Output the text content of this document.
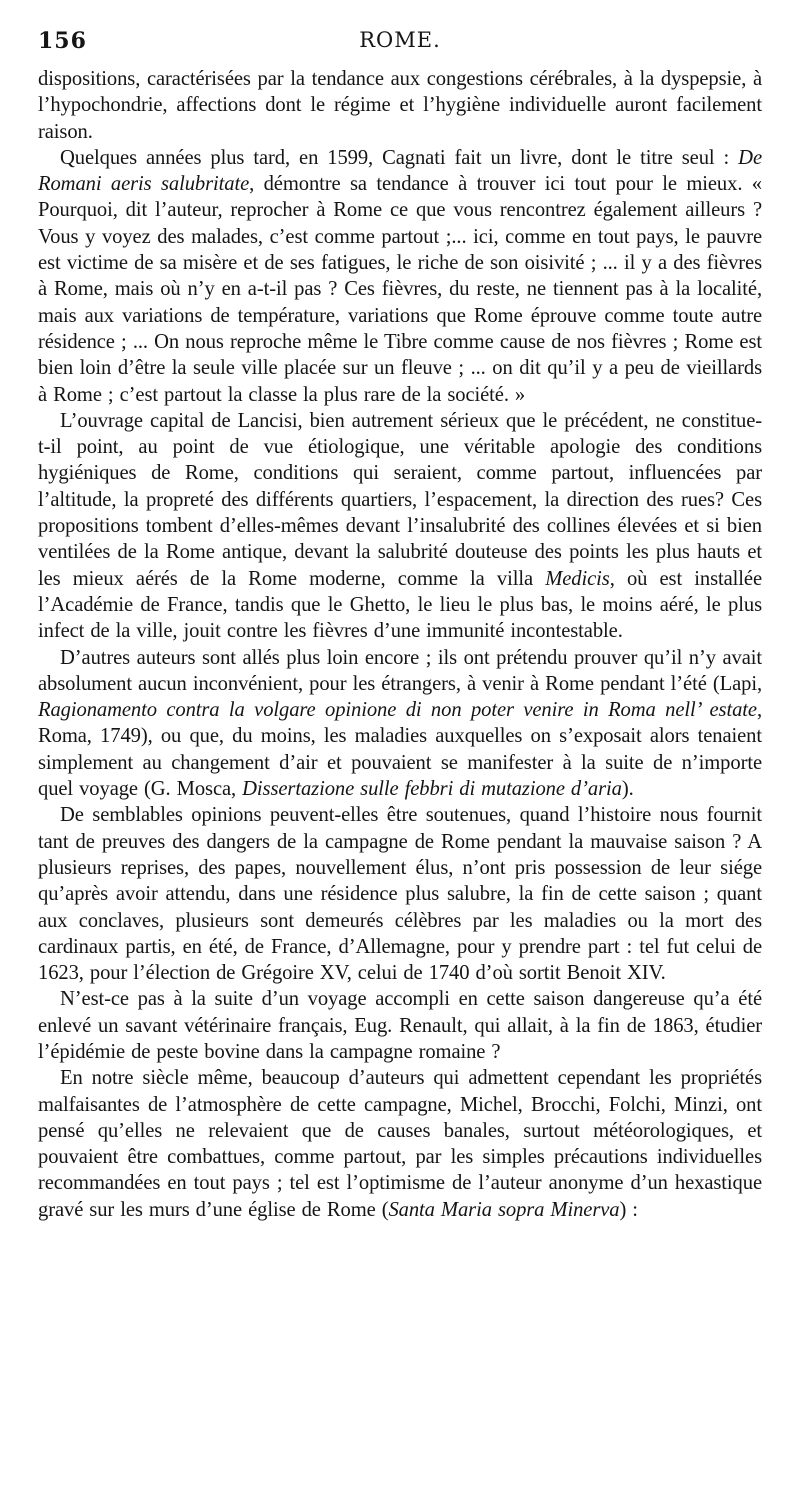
156	ROME.

dispositions, caractérisées par la tendance aux congestions cérébrales, à la dyspepsie, à l’hypochondrie, affections dont le régime et l’hygiène individuelle auront facilement raison.

Quelques années plus tard, en 1599, Cagnati fait un livre, dont le titre seul : De Romani aeris salubritate, démontre sa tendance à trouver ici tout pour le mieux. « Pourquoi, dit l’auteur, reprocher à Rome ce que vous rencontrez également ailleurs ? Vous y voyez des malades, c’est comme partout ;... ici, comme en tout pays, le pauvre est victime de sa misère et de ses fatigues, le riche de son oisivité ; ... il y a des fièvres à Rome, mais où n’y en a-t-il pas ? Ces fièvres, du reste, ne tiennent pas à la localité, mais aux variations de température, variations que Rome éprouve comme toute autre résidence ; ... On nous reproche même le Tibre comme cause de nos fièvres ; Rome est bien loin d’être la seule ville placée sur un fleuve ; ... on dit qu’il y a peu de vieillards à Rome ; c’est partout la classe la plus rare de la société. »

L’ouvrage capital de Lancisi, bien autrement sérieux que le précédent, ne constitue-t-il point, au point de vue étiologique, une véritable apologie des conditions hygiéniques de Rome, conditions qui seraient, comme partout, influencées par l’altitude, la propreté des différents quartiers, l’espacement, la direction des rues? Ces propositions tombent d’elles-mêmes devant l’insalubrité des collines élevées et si bien ventilées de la Rome antique, devant la salubrité douteuse des points les plus hauts et les mieux aérés de la Rome moderne, comme la villa Medicis, où est installée l’Académie de France, tandis que le Ghetto, le lieu le plus bas, le moins aéré, le plus infect de la ville, jouit contre les fièvres d’une immunité incontestable.

D’autres auteurs sont allés plus loin encore ; ils ont prétendu prouver qu’il n’y avait absolument aucun inconvénient, pour les étrangers, à venir à Rome pendant l’été (Lapi, Ragionamento contra la volgare opinione di non poter venire in Roma nell’ estate, Roma, 1749), ou que, du moins, les maladies auxquelles on s’exposait alors tenaient simplement au changement d’air et pouvaient se manifester à la suite de n’importe quel voyage (G. Mosca, Dissertazione sulle febbri di mutazione d’aria).

De semblables opinions peuvent-elles être soutenues, quand l’histoire nous fournit tant de preuves des dangers de la campagne de Rome pendant la mauvaise saison ? A plusieurs reprises, des papes, nouvellement élus, n’ont pris possession de leur siége qu’après avoir attendu, dans une résidence plus salubre, la fin de cette saison ; quant aux conclaves, plusieurs sont demeurés célèbres par les maladies ou la mort des cardinaux partis, en été, de France, d’Allemagne, pour y prendre part : tel fut celui de 1623, pour l’élection de Grégoire XV, celui de 1740 d’où sortit Benoit XIV.

N’est-ce pas à la suite d’un voyage accompli en cette saison dangereuse qu’a été enlevé un savant vétérinaire français, Eug. Renault, qui allait, à la fin de 1863, étudier l’épidémie de peste bovine dans la campagne romaine ?

En notre siècle même, beaucoup d’auteurs qui admettent cependant les propriétés malfaisantes de l’atmosphère de cette campagne, Michel, Brocchi, Folchi, Minzi, ont pensé qu’elles ne relevaient que de causes banales, surtout météorologiques, et pouvaient être combattues, comme partout, par les simples précautions individuelles recommandées en tout pays ; tel est l’optimisme de l’auteur anonyme d’un hexastique gravé sur les murs d’une église de Rome (Santa Maria sopra Minerva) :
